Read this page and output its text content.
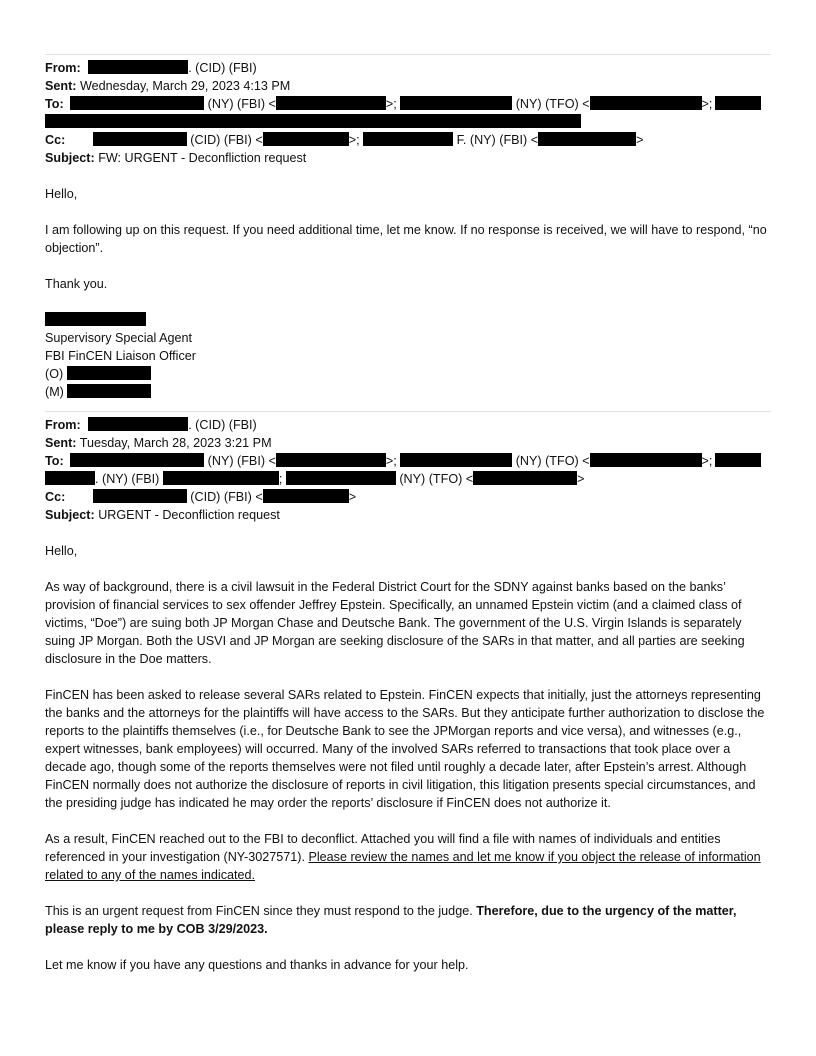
From:	. (CID) (FBI)
Sent: Wednesday, March 29, 2023 4:13 PM
To:	(NY) (FBI) <	>;	(NY) (TFO) <	>;
Cc:	(CID) (FBI) <	>;	F. (NY) (FBI) <	>
Subject: FW: URGENT - Deconfliction request

Hello,

I am following up on this request. If you need additional time, let me know. If no response is received, we will have to respond, “no objection”.

Thank you.

Supervisory Special Agent
FBI FinCEN Liaison Officer
(O)
(M)
From:	. (CID) (FBI)
Sent: Tuesday, March 28, 2023 3:21 PM
To:	(NY) (FBI) <	>;	(NY) (TFO) <	>;
. (NY) (FBI)	;	(NY) (TFO) <	>
Cc:	(CID) (FBI) <	>
Subject: URGENT - Deconfliction request

Hello,

As way of background, there is a civil lawsuit in the Federal District Court for the SDNY against banks based on the banks’ provision of financial services to sex offender Jeffrey Epstein. Specifically, an unnamed Epstein victim (and a claimed class of victims, “Doe”) are suing both JP Morgan Chase and Deutsche Bank. The government of the U.S. Virgin Islands is separately suing JP Morgan. Both the USVI and JP Morgan are seeking disclosure of the SARs in that matter, and all parties are seeking disclosure in the Doe matters.

FinCEN has been asked to release several SARs related to Epstein. FinCEN expects that initially, just the attorneys representing the banks and the attorneys for the plaintiffs will have access to the SARs. But they anticipate further authorization to disclose the reports to the plaintiffs themselves (i.e., for Deutsche Bank to see the JPMorgan reports and vice versa), and witnesses (e.g., expert witnesses, bank employees) will occurred. Many of the involved SARs referred to transactions that took place over a decade ago, though some of the reports themselves were not filed until roughly a decade later, after Epstein’s arrest. Although FinCEN normally does not authorize the disclosure of reports in civil litigation, this litigation presents special circumstances, and the presiding judge has indicated he may order the reports’ disclosure if FinCEN does not authorize it.

As a result, FinCEN reached out to the FBI to deconflict. Attached you will find a file with names of individuals and entities referenced in your investigation (NY-3027571). Please review the names and let me know if you object the release of information related to any of the names indicated.

This is an urgent request from FinCEN since they must respond to the judge. Therefore, due to the urgency of the matter, please reply to me by COB 3/29/2023.

Let me know if you have any questions and thanks in advance for your help.
